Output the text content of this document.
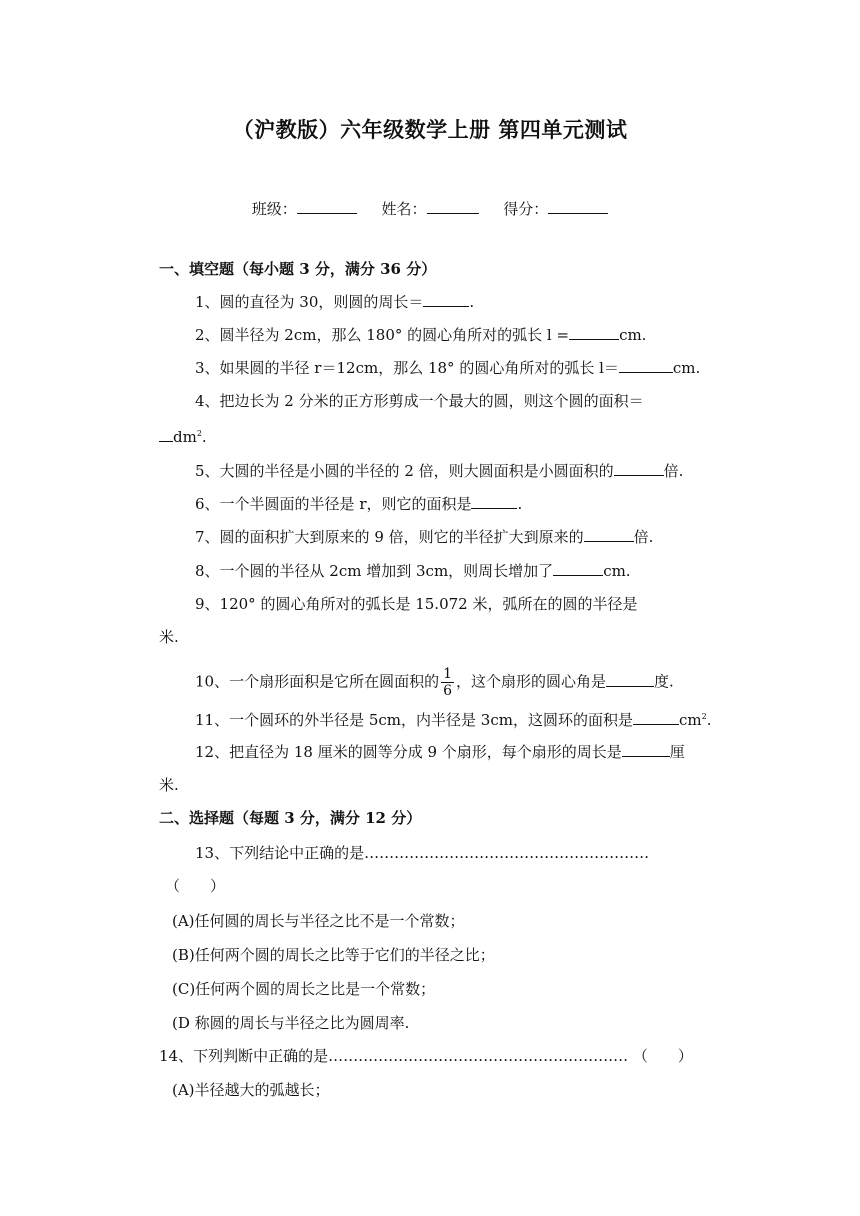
（沪教版）六年级数学上册 第四单元测试
班级：	姓名：	得分：
一、填空题（每小题 3 分，满分 36 分）
1、圆的直径为 30，则圆的周长＝	.
2、圆半径为 2cm，那么 180° 的圆心角所对的弧长 l =	cm.
3、如果圆的半径 r＝12cm，那么 18° 的圆心角所对的弧长 l＝	cm.
4、把边长为 2 分米的正方形剪成一个最大的圆，则这个圆的面积＝
$dm^2$.
5、大圆的半径是小圆的半径的 2 倍，则大圆面积是小圆面积的	倍.
6、一个半圆面的半径是 r，则它的面积是	.
7、圆的面积扩大到原来的 9 倍，则它的半径扩大到原来的	倍.
8、一个圆的半径从 2cm 增加到 3cm，则周长增加了	cm.
9、120° 的圆心角所对的弧长是 15.072 米，弧所在的圆的半径是
米.
10、一个扇形面积是它所在圆面积的 $\frac{1}{6}$ ，这个扇形的圆心角是	度.
11、一个圆环的外半径是 5cm，内半径是 3cm，这圆环的面积是	$cm^2$.
12、把直径为 18 厘米的圆等分成 9 个扇形，每个扇形的周长是	厘
米.
二、选择题（每题 3 分，满分 12 分）
13、下列结论中正确的是…………………………………………………
（　　）
(A)任何圆的周长与半径之比不是一个常数；
(B)任何两个圆的周长之比等于它们的半径之比；
(C)任何两个圆的周长之比是一个常数；
(D 称圆的周长与半径之比为圆周率.
14、下列判断中正确的是…………………………………………………… （　　）
(A)半径越大的弧越长；
